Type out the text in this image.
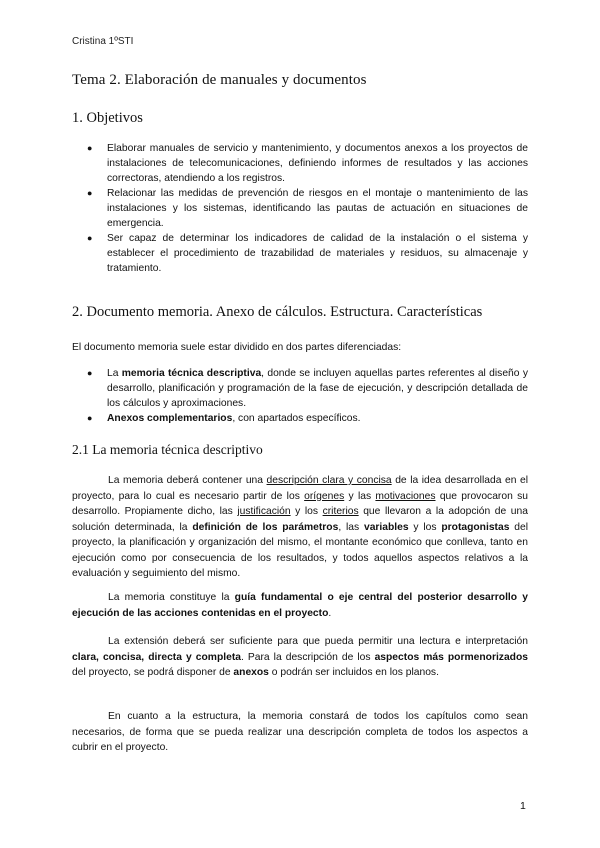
Cristina 1ºSTI
Tema 2. Elaboración de manuales y documentos
1. Objetivos
● Elaborar manuales de servicio y mantenimiento, y documentos anexos a los proyectos de instalaciones de telecomunicaciones, definiendo informes de resultados y las acciones correctoras, atendiendo a los registros.
● Relacionar las medidas de prevención de riesgos en el montaje o mantenimiento de las instalaciones y los sistemas, identificando las pautas de actuación en situaciones de emergencia.
● Ser capaz de determinar los indicadores de calidad de la instalación o el sistema y establecer el procedimiento de trazabilidad de materiales y residuos, su almacenaje y tratamiento.
2. Documento memoria. Anexo de cálculos. Estructura. Características
El documento memoria suele estar dividido en dos partes diferenciadas:
● La memoria técnica descriptiva, donde se incluyen aquellas partes referentes al diseño y desarrollo, planificación y programación de la fase de ejecución, y descripción detallada de los cálculos y aproximaciones.
● Anexos complementarios, con apartados específicos.
2.1 La memoria técnica descriptivo
La memoria deberá contener una descripción clara y concisa de la idea desarrollada en el proyecto, para lo cual es necesario partir de los orígenes y las motivaciones que provocaron su desarrollo. Propiamente dicho, las justificación y los criterios que llevaron a la adopción de una solución determinada, la definición de los parámetros, las variables y los protagonistas del proyecto, la planificación y organización del mismo, el montante económico que conlleva, tanto en ejecución como por consecuencia de los resultados, y todos aquellos aspectos relativos a la evaluación y seguimiento del mismo.
La memoria constituye la guía fundamental o eje central del posterior desarrollo y ejecución de las acciones contenidas en el proyecto.
La extensión deberá ser suficiente para que pueda permitir una lectura e interpretación clara, concisa, directa y completa. Para la descripción de los aspectos más pormenorizados del proyecto, se podrá disponer de anexos o podrán ser incluidos en los planos.
En cuanto a la estructura, la memoria constará de todos los capítulos como sean necesarios, de forma que se pueda realizar una descripción completa de todos los aspectos a cubrir en el proyecto.
1
